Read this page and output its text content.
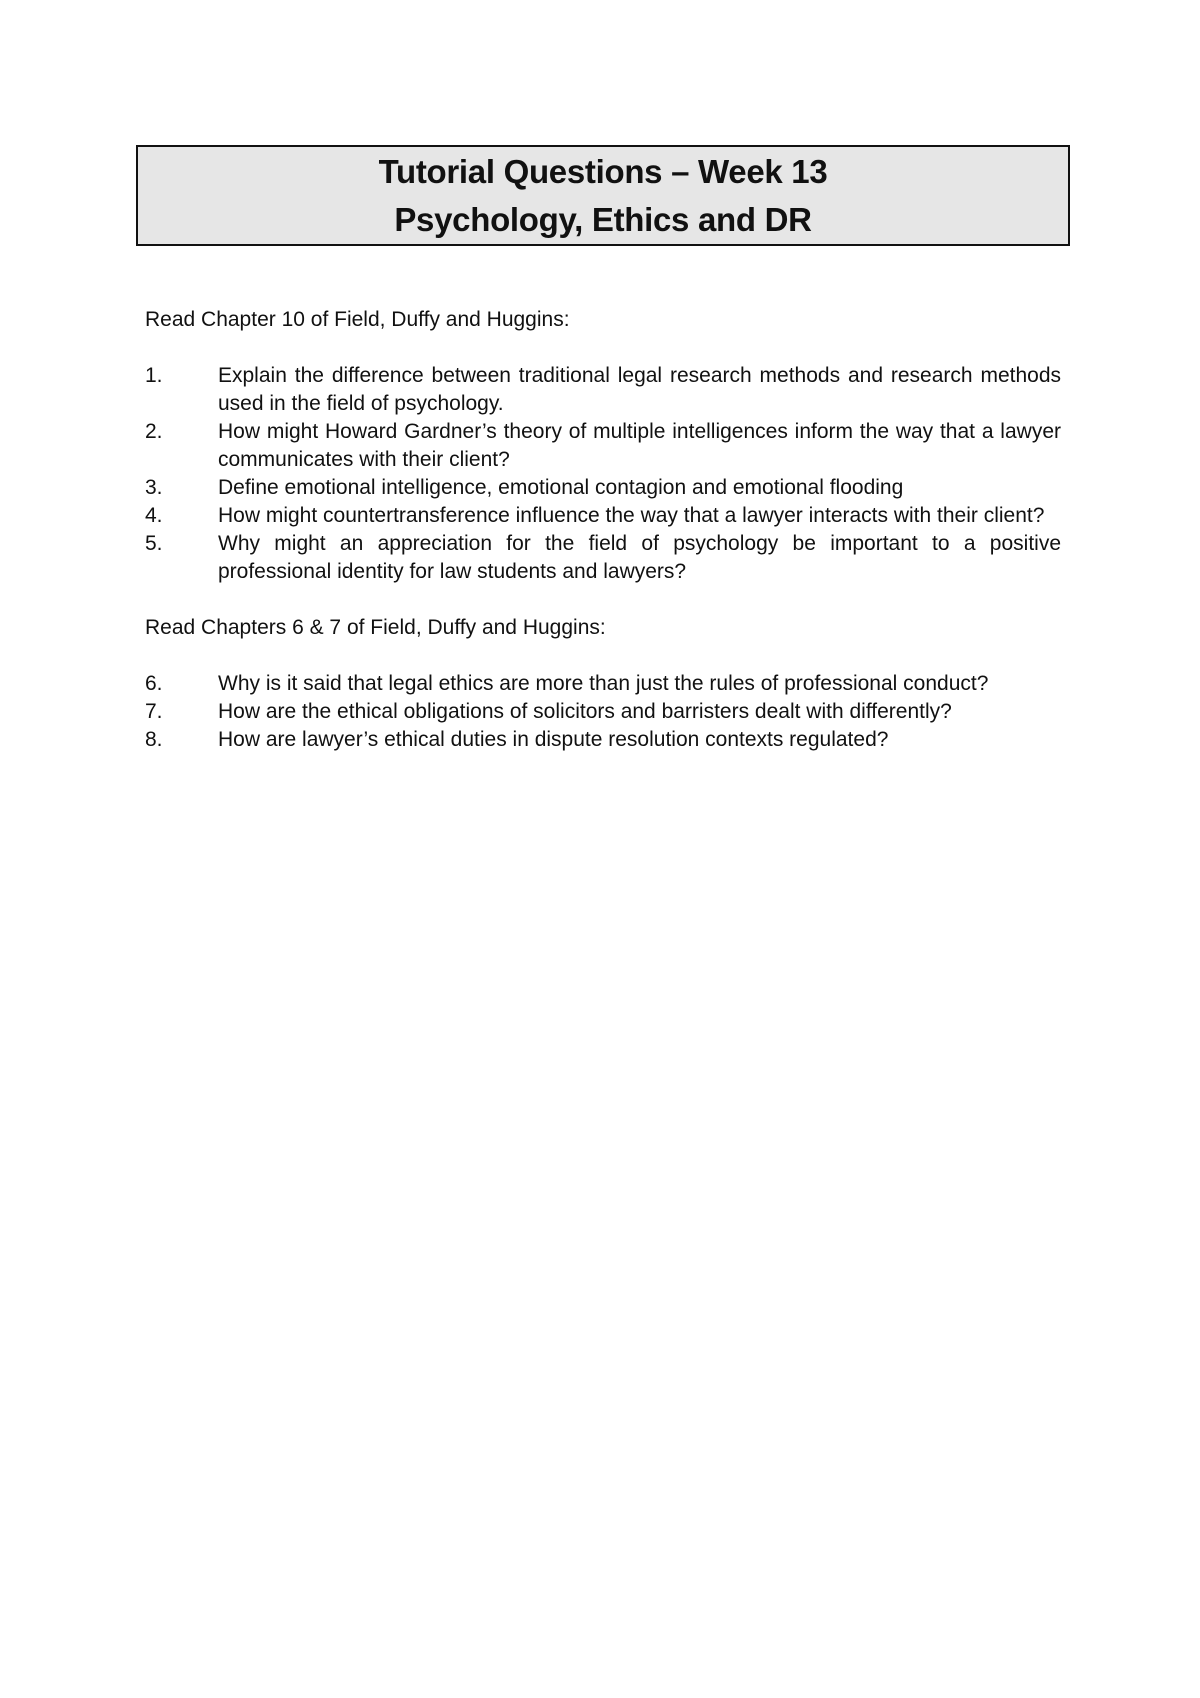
Tutorial Questions – Week 13
Psychology, Ethics and DR

Read Chapter 10 of Field, Duffy and Huggins:

1.	Explain the difference between traditional legal research methods and research methods used in the field of psychology.
2.	How might Howard Gardner’s theory of multiple intelligences inform the way that a lawyer communicates with their client?
3.	Define emotional intelligence, emotional contagion and emotional flooding
4.	How might countertransference influence the way that a lawyer interacts with their client?
5.	Why might an appreciation for the field of psychology be important to a positive professional identity for law students and lawyers?

Read Chapters 6 & 7 of Field, Duffy and Huggins:

6.	Why is it said that legal ethics are more than just the rules of professional conduct?
7.	How are the ethical obligations of solicitors and barristers dealt with differently?
8.	How are lawyer’s ethical duties in dispute resolution contexts regulated?
